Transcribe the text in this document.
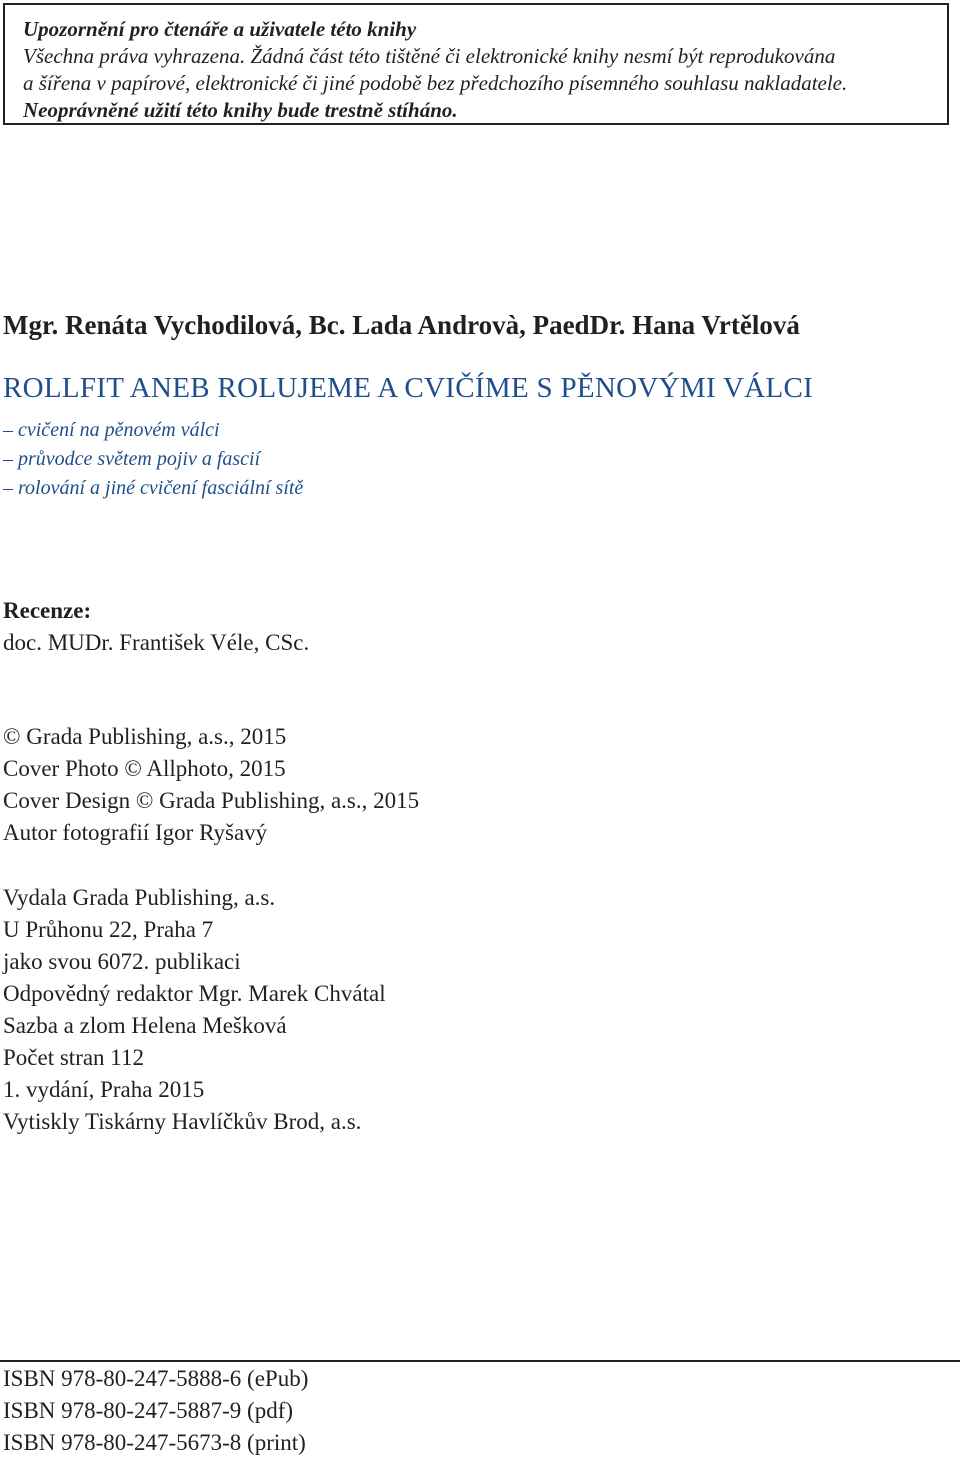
Upozornění pro čtenáře a uživatele této knihy
Všechna práva vyhrazena. Žádná část této tištěné či elektronické knihy nesmí být reprodukována
a šířena v papírové, elektronické či jiné podobě bez předchozího písemného souhlasu nakladatele.
Neoprávněné užití této knihy bude trestně stíháno.
Mgr. Renáta Vychodilová, Bc. Lada Androvà, PaedDr. Hana Vrtělová
ROLLFIT ANEB ROLUJEME A CVIČÍME S PĚNOVÝMI VÁLCI
– cvičení na pěnovém válci
– průvodce světem pojiv a fascií
– rolování a jiné cvičení fasciální sítě
Recenze:
doc. MUDr. František Véle, CSc.
© Grada Publishing, a.s., 2015
Cover Photo © Allphoto, 2015
Cover Design © Grada Publishing, a.s., 2015
Autor fotografií Igor Ryšavý
Vydala Grada Publishing, a.s.
U Průhonu 22, Praha 7
jako svou 6072. publikaci
Odpovědný redaktor Mgr. Marek Chvátal
Sazba a zlom Helena Mešková
Počet stran 112
1. vydání, Praha 2015
Vytiskly Tiskárny Havlíčkův Brod, a.s.
ISBN 978-80-247-5888-6 (ePub)
ISBN 978-80-247-5887-9 (pdf)
ISBN 978-80-247-5673-8 (print)
